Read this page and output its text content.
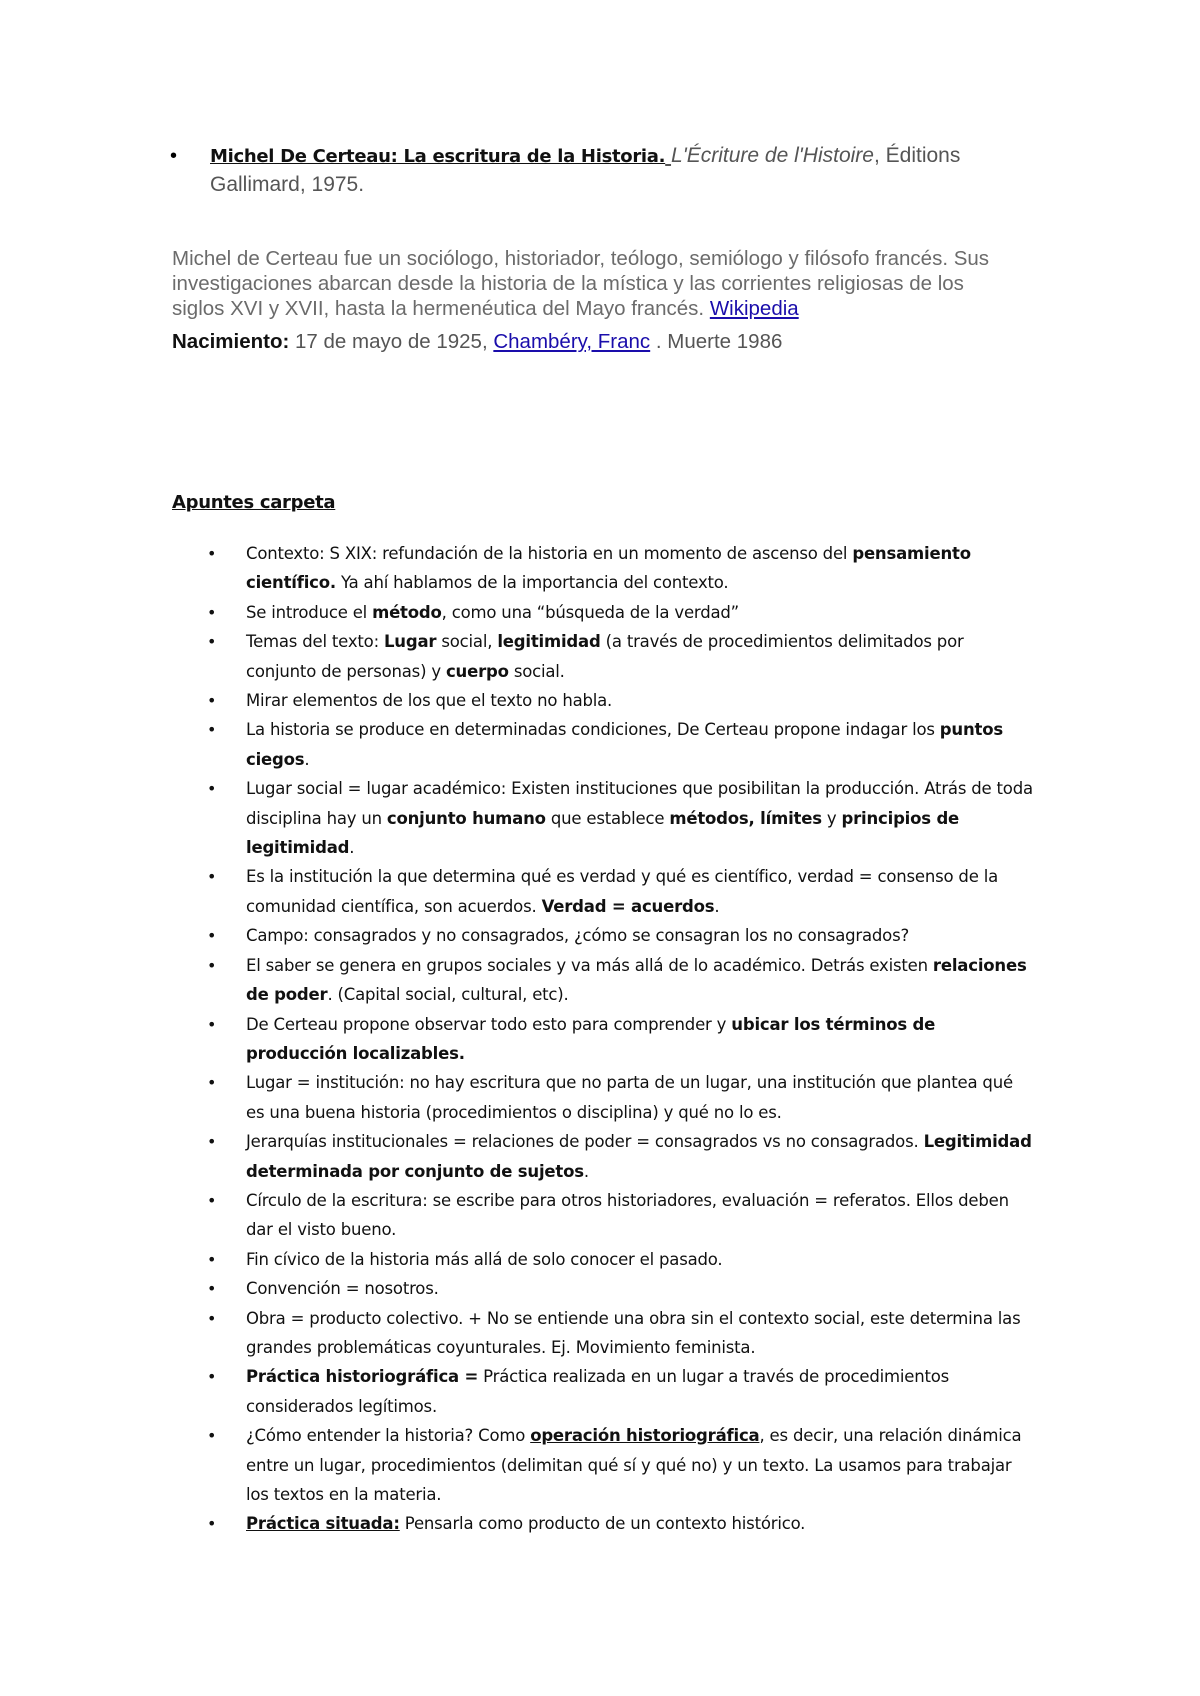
• Michel De Certeau: La escritura de la Historia. L'Écriture de l'Histoire, Éditions Gallimard, 1975.
Michel de Certeau fue un sociólogo, historiador, teólogo, semiólogo y filósofo francés. Sus investigaciones abarcan desde la historia de la mística y las corrientes religiosas de los siglos XVI y XVII, hasta la hermenéutica del Mayo francés. Wikipedia
Nacimiento: 17 de mayo de 1925, Chambéry, Franc . Muerte 1986
Apuntes carpeta
• Contexto: S XIX: refundación de la historia en un momento de ascenso del pensamiento científico. Ya ahí hablamos de la importancia del contexto.
• Se introduce el método, como una “búsqueda de la verdad”
• Temas del texto: Lugar social, legitimidad (a través de procedimientos delimitados por conjunto de personas) y cuerpo social.
• Mirar elementos de los que el texto no habla.
• La historia se produce en determinadas condiciones, De Certeau propone indagar los puntos ciegos.
• Lugar social = lugar académico: Existen instituciones que posibilitan la producción. Atrás de toda disciplina hay un conjunto humano que establece métodos, límites y principios de legitimidad.
• Es la institución la que determina qué es verdad y qué es científico, verdad = consenso de la comunidad científica, son acuerdos. Verdad = acuerdos.
• Campo: consagrados y no consagrados, ¿cómo se consagran los no consagrados?
• El saber se genera en grupos sociales y va más allá de lo académico. Detrás existen relaciones de poder. (Capital social, cultural, etc).
• De Certeau propone observar todo esto para comprender y ubicar los términos de producción localizables.
• Lugar = institución: no hay escritura que no parta de un lugar, una institución que plantea qué es una buena historia (procedimientos o disciplina) y qué no lo es.
• Jerarquías institucionales = relaciones de poder = consagrados vs no consagrados. Legitimidad determinada por conjunto de sujetos.
• Círculo de la escritura: se escribe para otros historiadores, evaluación = referatos. Ellos deben dar el visto bueno.
• Fin cívico de la historia más allá de solo conocer el pasado.
• Convención = nosotros.
• Obra = producto colectivo. + No se entiende una obra sin el contexto social, este determina las grandes problemáticas coyunturales. Ej. Movimiento feminista.
• Práctica historiográfica = Práctica realizada en un lugar a través de procedimientos considerados legítimos.
• ¿Cómo entender la historia? Como operación historiográfica, es decir, una relación dinámica entre un lugar, procedimientos (delimitan qué sí y qué no) y un texto. La usamos para trabajar los textos en la materia.
• Práctica situada: Pensarla como producto de un contexto histórico.
